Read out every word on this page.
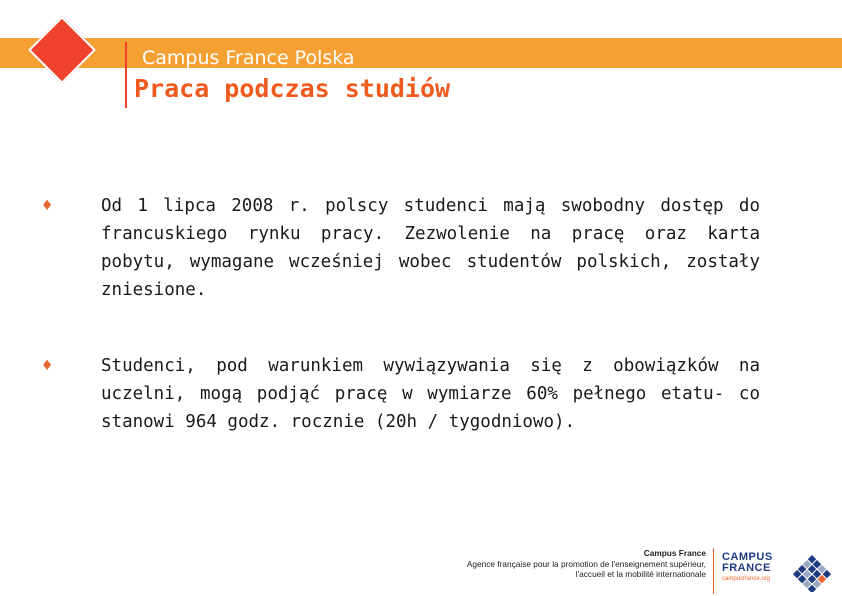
Campus France Polska
Praca podczas studiów
♦	Od 1 lipca 2008 r. polscy studenci mają swobodny dostęp do francuskiego rynku pracy. Zezwolenie na pracę oraz karta pobytu, wymagane wcześniej wobec studentów polskich, zostały zniesione.
♦	Studenci, pod warunkiem wywiązywania się z obowiązków na uczelni, mogą podjąć pracę w wymiarze 60% pełnego etatu- co stanowi 964 godz. rocznie (20h / tygodniowo).
Campus France
Agence française pour la promotion de l'enseignement supérieur,
l'accueil et la mobilité internationale
CAMPUS
FRANCE
campusfrance.org
